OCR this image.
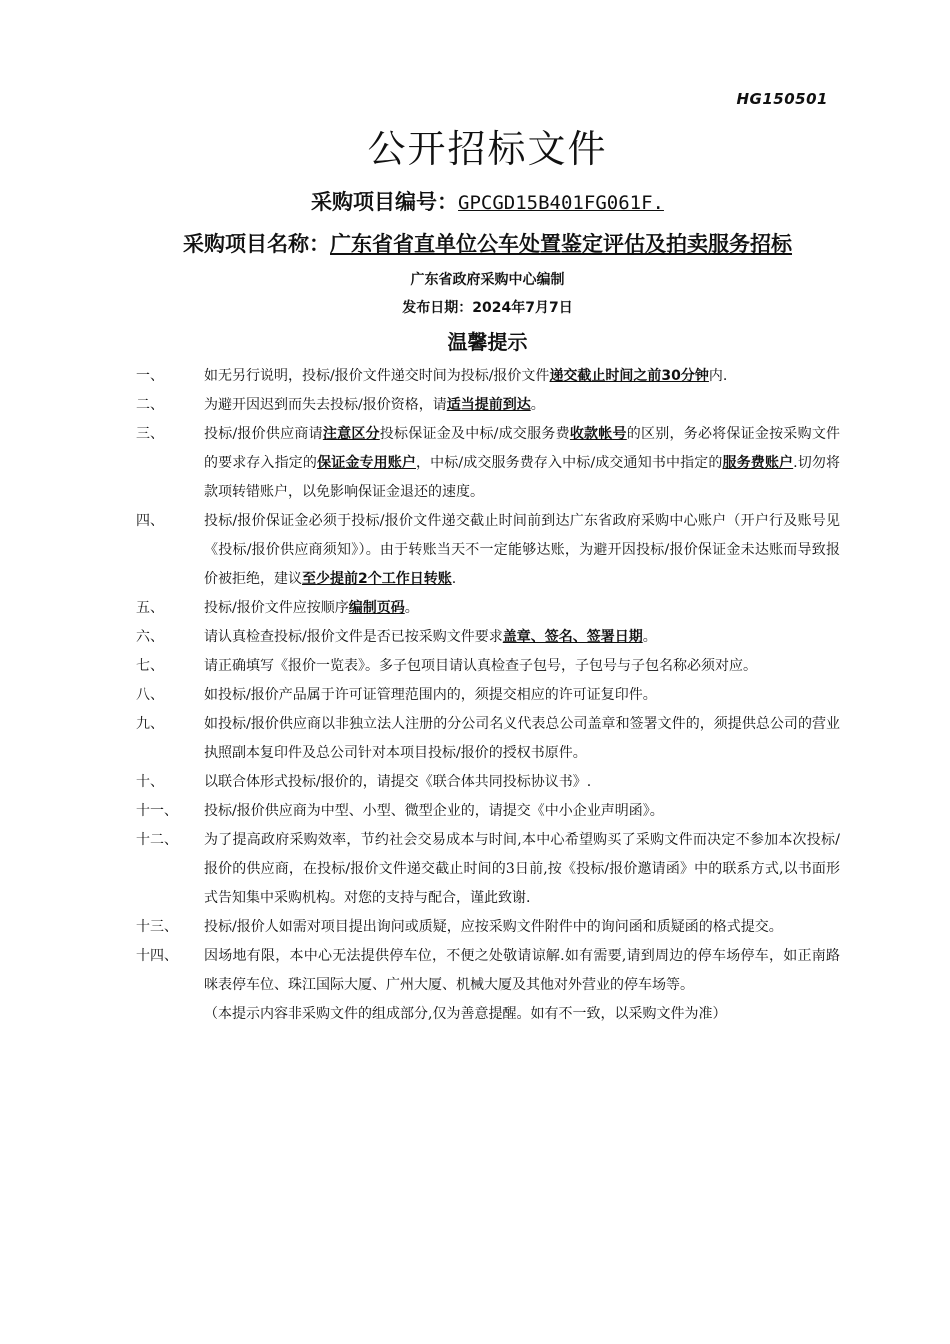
HG150501
公开招标文件
采购项目编号：GPCGD15B401FG061F.
采购项目名称：广东省省直单位公车处置鉴定评估及拍卖服务招标
广东省政府采购中心编制
发布日期：2024年7月7日
温馨提示
一、	如无另行说明，投标/报价文件递交时间为投标/报价文件递交截止时间之前30分钟内.
二、	为避开因迟到而失去投标/报价资格，请适当提前到达。
三、	投标/报价供应商请注意区分投标保证金及中标/成交服务费收款帐号的区别，务必将保证金按采购文件的要求存入指定的保证金专用账户，中标/成交服务费存入中标/成交通知书中指定的服务费账户.切勿将款项转错账户，以免影响保证金退还的速度。
四、	投标/报价保证金必须于投标/报价文件递交截止时间前到达广东省政府采购中心账户（开户行及账号见《投标/报价供应商须知》）。由于转账当天不一定能够达账，为避开因投标/报价保证金未达账而导致报价被拒绝，建议至少提前2个工作日转账.
五、	投标/报价文件应按顺序编制页码。
六、	请认真检查投标/报价文件是否已按采购文件要求盖章、签名、签署日期。
七、	请正确填写《报价一览表》。多子包项目请认真检查子包号，子包号与子包名称必须对应。
八、	如投标/报价产品属于许可证管理范围内的，须提交相应的许可证复印件。
九、	如投标/报价供应商以非独立法人注册的分公司名义代表总公司盖章和签署文件的，须提供总公司的营业执照副本复印件及总公司针对本项目投标/报价的授权书原件。
十、	以联合体形式投标/报价的，请提交《联合体共同投标协议书》.
十一、	投标/报价供应商为中型、小型、微型企业的，请提交《中小企业声明函》。
十二、	为了提高政府采购效率，节约社会交易成本与时间,本中心希望购买了采购文件而决定不参加本次投标/报价的供应商，在投标/报价文件递交截止时间的3日前,按《投标/报价邀请函》中的联系方式,以书面形式告知集中采购机构。对您的支持与配合，谨此致谢.
十三、	投标/报价人如需对项目提出询问或质疑，应按采购文件附件中的询问函和质疑函的格式提交。
十四、	因场地有限，本中心无法提供停车位，不便之处敬请谅解.如有需要,请到周边的停车场停车，如正南路咪表停车位、珠江国际大厦、广州大厦、机械大厦及其他对外营业的停车场等。
（本提示内容非采购文件的组成部分,仅为善意提醒。如有不一致，以采购文件为准）
